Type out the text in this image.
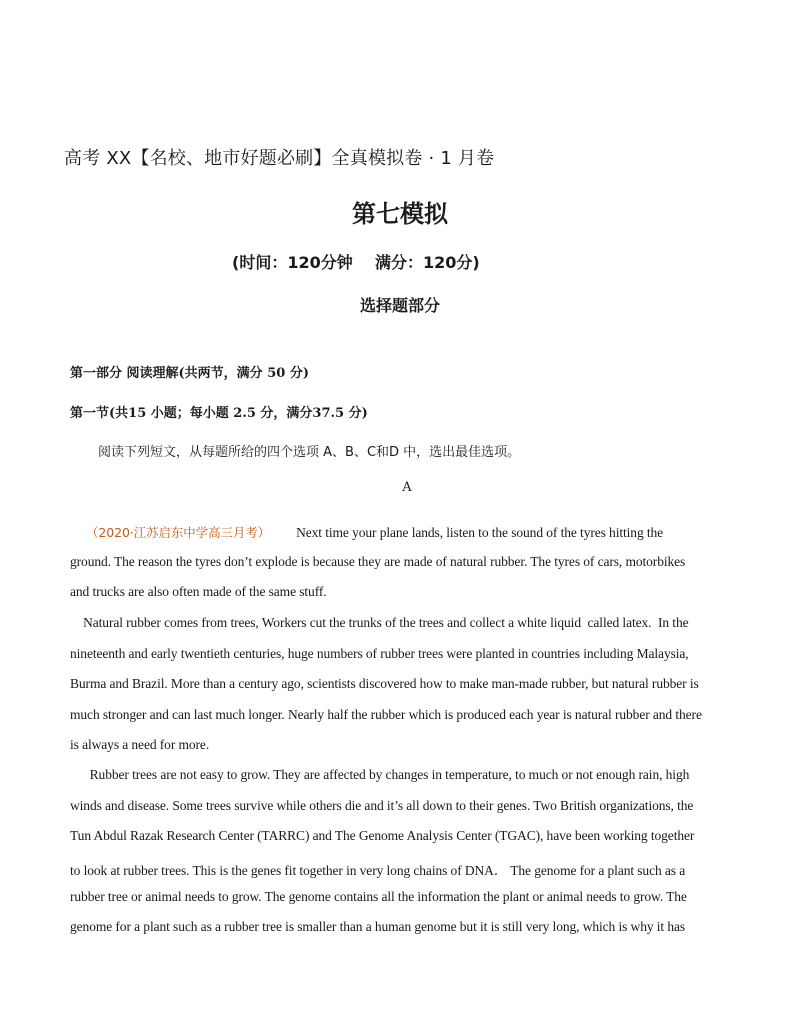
高考 XX【名校、地市好题必刷】全真模拟卷 · 1 月卷
第七模拟
(时间：120分钟    满分：120分)
选择题部分
第一部分 阅读理解(共两节，满分 50 分)
第一节(共15 小题；每小题 2.5 分，满分37.5 分)
阅读下列短文，从每题所给的四个选项 A、B、C和D 中，选出最佳选项。
A
（2020·江苏启东中学高三月考） Next time your plane lands, listen to the sound of the tyres hitting the
ground. The reason the tyres don’t explode is because they are made of natural rubber. The tyres of cars, motorbikes
and trucks are also often made of the same stuff.
Natural rubber comes from trees, Workers cut the trunks of the trees and collect a white liquid  called latex.  In the
nineteenth and early twentieth centuries, huge numbers of rubber trees were planted in countries including Malaysia,
Burma and Brazil. More than a century ago, scientists discovered how to make man-made rubber, but natural rubber is
much stronger and can last much longer. Nearly half the rubber which is produced each year is natural rubber and there
is always a need for more.
Rubber trees are not easy to grow. They are affected by changes in temperature, to much or not enough rain, high
winds and disease. Some trees survive while others die and it’s all down to their genes. Two British organizations, the
Tun Abdul Razak Research Center (TARRC) and The Genome Analysis Center (TGAC), have been working together
to look at rubber trees. This is the genes fit together in very long chains of DNA． The genome for a plant such as a
rubber tree or animal needs to grow. The genome contains all the information the plant or animal needs to grow. The
genome for a plant such as a rubber tree is smaller than a human genome but it is still very long, which is why it has
